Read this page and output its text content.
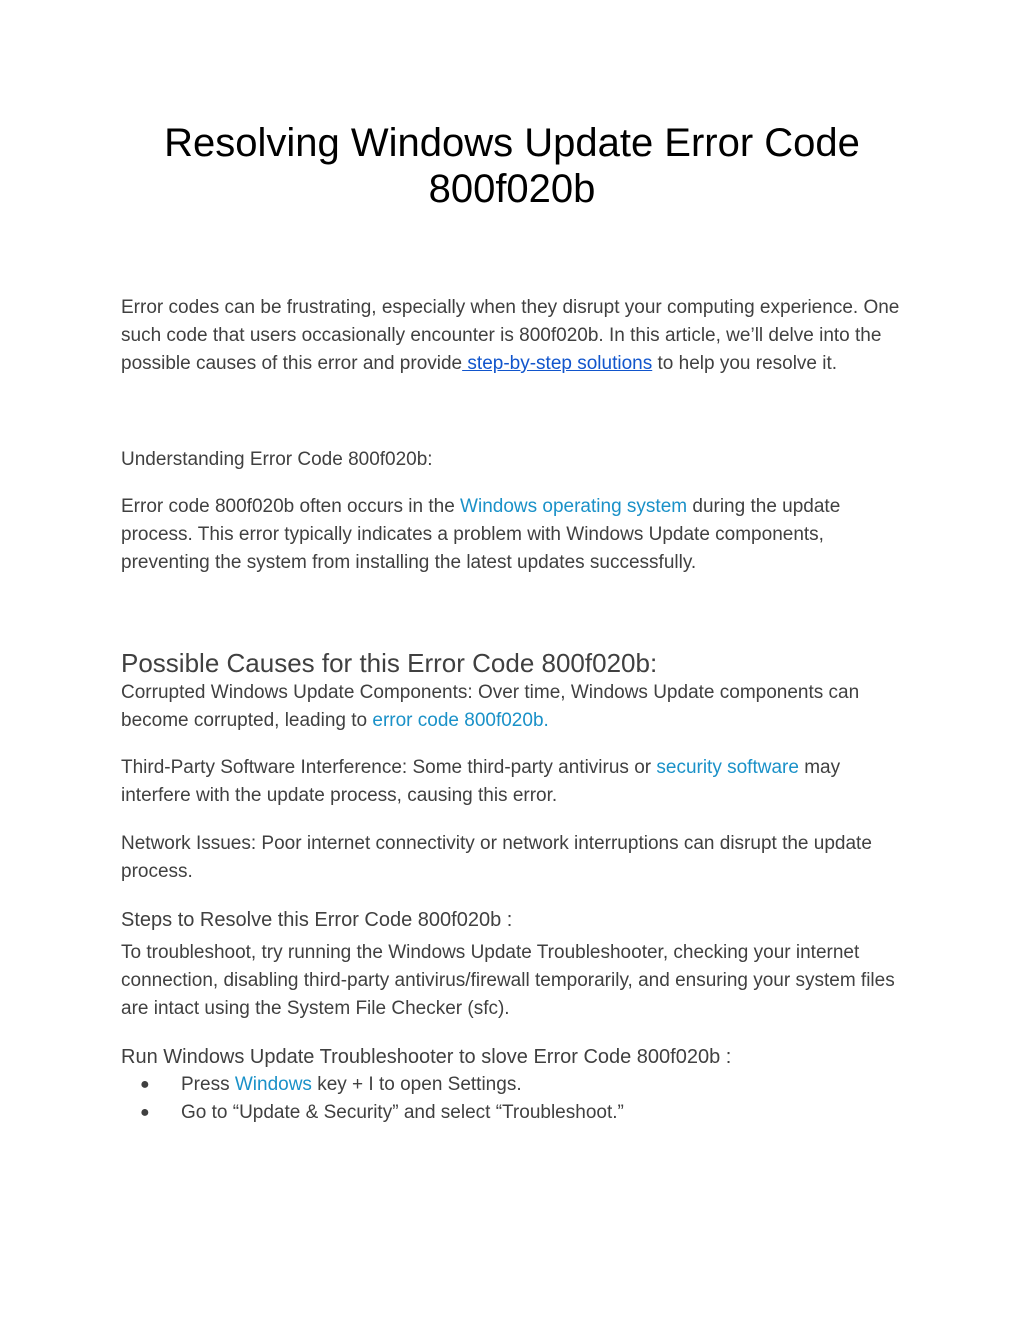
Resolving Windows Update Error Code 800f020b

Error codes can be frustrating, especially when they disrupt your computing experience. One such code that users occasionally encounter is 800f020b. In this article, we’ll delve into the possible causes of this error and provide step-by-step solutions to help you resolve it.

Understanding Error Code 800f020b:

Error code 800f020b often occurs in the Windows operating system during the update process. This error typically indicates a problem with Windows Update components, preventing the system from installing the latest updates successfully.

Possible Causes for this Error Code 800f020b:

Corrupted Windows Update Components: Over time, Windows Update components can become corrupted, leading to error code 800f020b.

Third-Party Software Interference: Some third-party antivirus or security software may interfere with the update process, causing this error.

Network Issues: Poor internet connectivity or network interruptions can disrupt the update process.

Steps to Resolve this Error Code 800f020b :

To troubleshoot, try running the Windows Update Troubleshooter, checking your internet connection, disabling third-party antivirus/firewall temporarily, and ensuring your system files are intact using the System File Checker (sfc).

Run Windows Update Troubleshooter to slove Error Code 800f020b :
● Press Windows key + I to open Settings.
● Go to “Update & Security” and select “Troubleshoot.”
